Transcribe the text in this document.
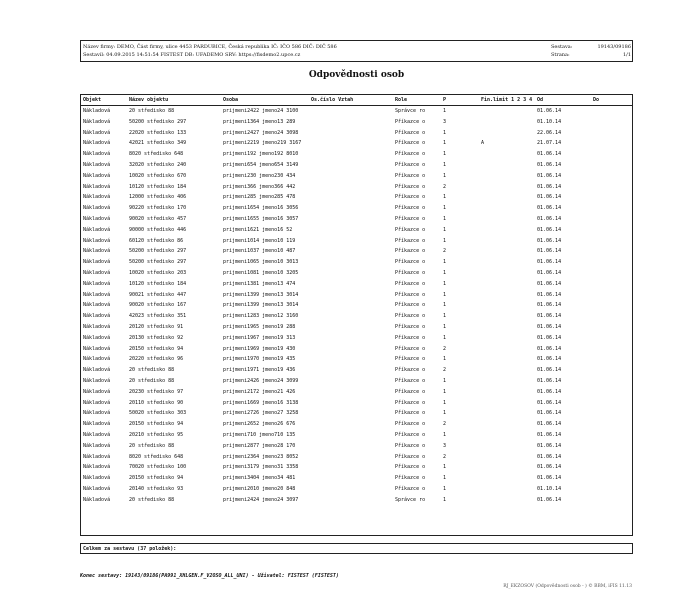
Název firmy: DEMO, Část firmy, ulice 4453 PARDUBICE, Česká republika IČ: IČO 586 DIČ: DIČ 586
Sestavil: 04.09.2015 14:51:54 FISTEST DB: UFADEMO SRV: https://fisdemo2.upce.cz
Sestava:	19143/09186
Strana:	1/1
Odpovědnosti osob
Objekt	Název objektu	Osoba	Os.číslo Vztah	Role	P	Fin.limit 1 2 3 4 Od	Do
Nákladová	20 středisko 88	prijmeni2422 jmeno24 3100	Správce ro	1	01.06.14
Nákladová	50200 středisko 297	prijmeni1364 jmeno13 289	Příkazce o	3	01.10.14
Nákladová	22020 středisko 133	prijmeni2427 jmeno24 3098	Příkazce o	1	22.06.14
Nákladová	42021 středisko 349	prijmeni2219 jmeno219 3167	Příkazce o	1	A	21.07.14
Nákladová	8020 středisko 648	prijmeni192 jmeno192 8010	Příkazce o	1	01.06.14
Nákladová	32020 středisko 240	prijmeni654 jmeno654 3149	Příkazce o	1	01.06.14
Nákladová	10020 středisko 670	prijmeni230 jmeno230 434	Příkazce o	1	01.06.14
Nákladová	10120 středisko 184	prijmeni366 jmeno366 442	Příkazce o	2	01.06.14
Nákladová	12000 středisko 406	prijmeni285 jmeno285 478	Příkazce o	1	01.06.14
Nákladová	90220 středisko 170	prijmeni1654 jmeno16 3056	Příkazce o	1	01.06.14
Nákladová	90020 středisko 457	prijmeni1655 jmeno16 3057	Příkazce o	1	01.06.14
Nákladová	90000 středisko 446	prijmeni1621 jmeno16 52	Příkazce o	1	01.06.14
Nákladová	60120 středisko 86	prijmeni1014 jmeno10 119	Příkazce o	1	01.06.14
Nákladová	50200 středisko 297	prijmeni1037 jmeno10 487	Příkazce o	2	01.06.14
Nákladová	50200 středisko 297	prijmeni1065 jmeno10 3013	Příkazce o	1	01.06.14
Nákladová	10020 středisko 203	prijmeni1081 jmeno10 3205	Příkazce o	1	01.06.14
Nákladová	10120 středisko 184	prijmeni1381 jmeno13 474	Příkazce o	1	01.06.14
Nákladová	90021 středisko 447	prijmeni1399 jmeno13 3014	Příkazce o	1	01.06.14
Nákladová	90020 středisko 167	prijmeni1399 jmeno13 3014	Příkazce o	1	01.06.14
Nákladová	42023 středisko 351	prijmeni1283 jmeno12 3160	Příkazce o	1	01.06.14
Nákladová	20120 středisko 91	prijmeni1965 jmeno19 288	Příkazce o	1	01.06.14
Nákladová	20130 středisko 92	prijmeni1967 jmeno19 313	Příkazce o	1	01.06.14
Nákladová	20150 středisko 94	prijmeni1969 jmeno19 430	Příkazce o	2	01.06.14
Nákladová	20220 středisko 96	prijmeni1970 jmeno19 435	Příkazce o	1	01.06.14
Nákladová	20 středisko 88	prijmeni1971 jmeno19 436	Příkazce o	2	01.06.14
Nákladová	20 středisko 88	prijmeni2426 jmeno24 3099	Příkazce o	1	01.06.14
Nákladová	20230 středisko 97	prijmeni2172 jmeno21 426	Příkazce o	1	01.06.14
Nákladová	20110 středisko 90	prijmeni1669 jmeno16 3138	Příkazce o	1	01.06.14
Nákladová	50020 středisko 303	prijmeni2726 jmeno27 3258	Příkazce o	1	01.06.14
Nákladová	20150 středisko 94	prijmeni2652 jmeno26 676	Příkazce o	2	01.06.14
Nákladová	20210 středisko 95	prijmeni710 jmeno710 135	Příkazce o	1	01.06.14
Nákladová	20 středisko 88	prijmeni2877 jmeno28 170	Příkazce o	3	01.06.14
Nákladová	8020 středisko 648	prijmeni2364 jmeno23 8052	Příkazce o	2	01.06.14
Nákladová	70020 středisko 100	prijmeni3179 jmeno31 3358	Příkazce o	1	01.06.14
Nákladová	20150 středisko 94	prijmeni3404 jmeno34 481	Příkazce o	1	01.06.14
Nákladová	20140 středisko 93	prijmeni2010 jmeno20 848	Příkazce o	1	01.10.14
Nákladová	20 středisko 88	prijmeni2424 jmeno24 3097	Správce ro	1	01.06.14
Celkem za sestavu (37 položek):
Konec sestavy: 19143/09186(PA991_XHLGEN.F_V2OSO_ALL_UNI) - Uživatel: FISTEST (FISTEST)
RJ_EKZOSOV (Odpovědnosti osob - ) © BBM, iFIS 11.13
